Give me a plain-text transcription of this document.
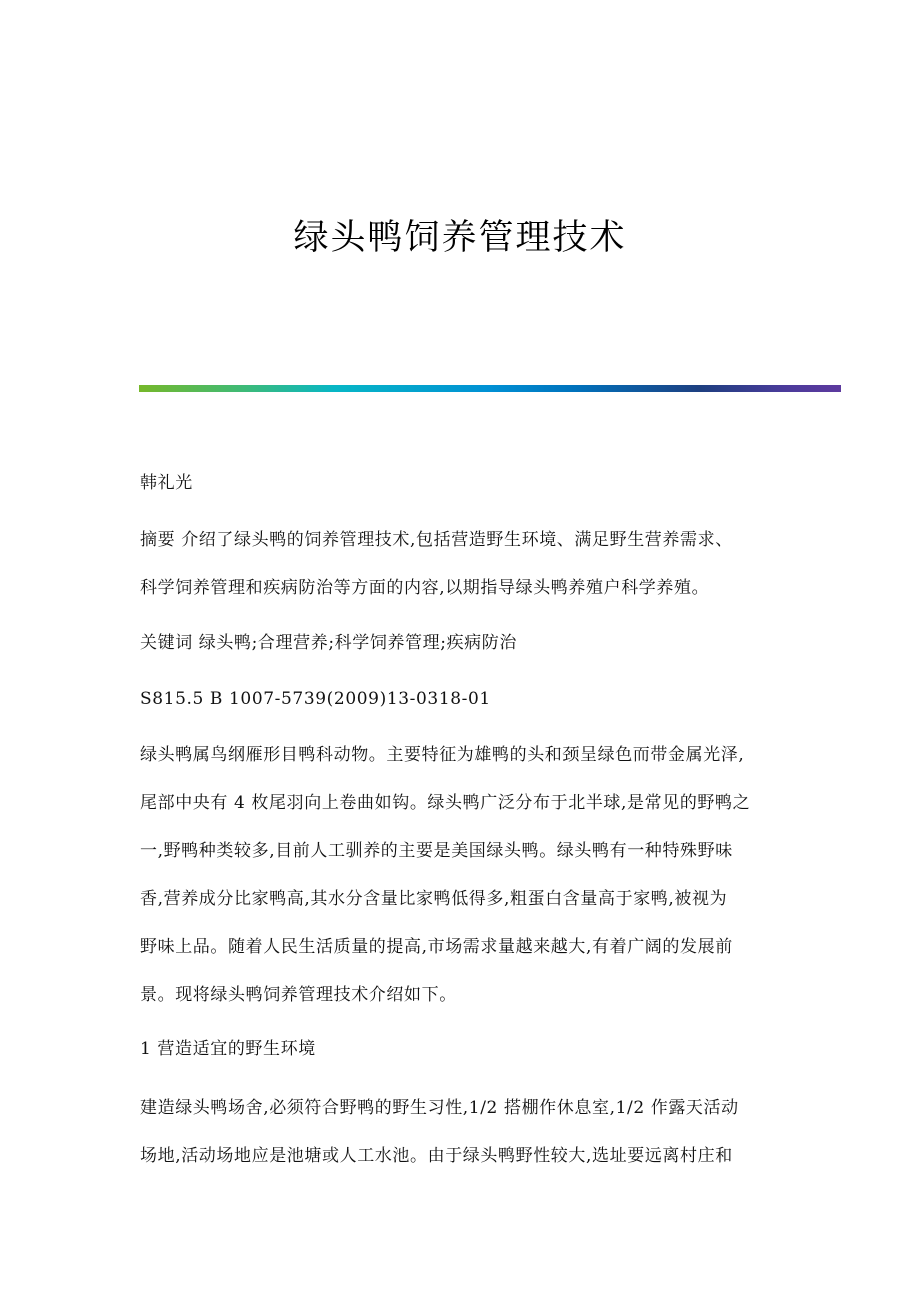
绿头鸭饲养管理技术
韩礼光
摘要 介绍了绿头鸭的饲养管理技术,包括营造野生环境、满足野生营养需求、
科学饲养管理和疾病防治等方面的内容,以期指导绿头鸭养殖户科学养殖。
关键词 绿头鸭;合理营养;科学饲养管理;疾病防治
S815.5 B 1007-5739(2009)13-0318-01
绿头鸭属鸟纲雁形目鸭科动物。主要特征为雄鸭的头和颈呈绿色而带金属光泽,
尾部中央有 4 枚尾羽向上卷曲如钩。绿头鸭广泛分布于北半球,是常见的野鸭之
一,野鸭种类较多,目前人工驯养的主要是美国绿头鸭。绿头鸭有一种特殊野味
香,营养成分比家鸭高,其水分含量比家鸭低得多,粗蛋白含量高于家鸭,被视为
野味上品。随着人民生活质量的提高,市场需求量越来越大,有着广阔的发展前
景。现将绿头鸭饲养管理技术介绍如下。
1 营造适宜的野生环境
建造绿头鸭场舍,必须符合野鸭的野生习性,1/2 搭棚作休息室,1/2 作露天活动
场地,活动场地应是池塘或人工水池。由于绿头鸭野性较大,选址要远离村庄和
